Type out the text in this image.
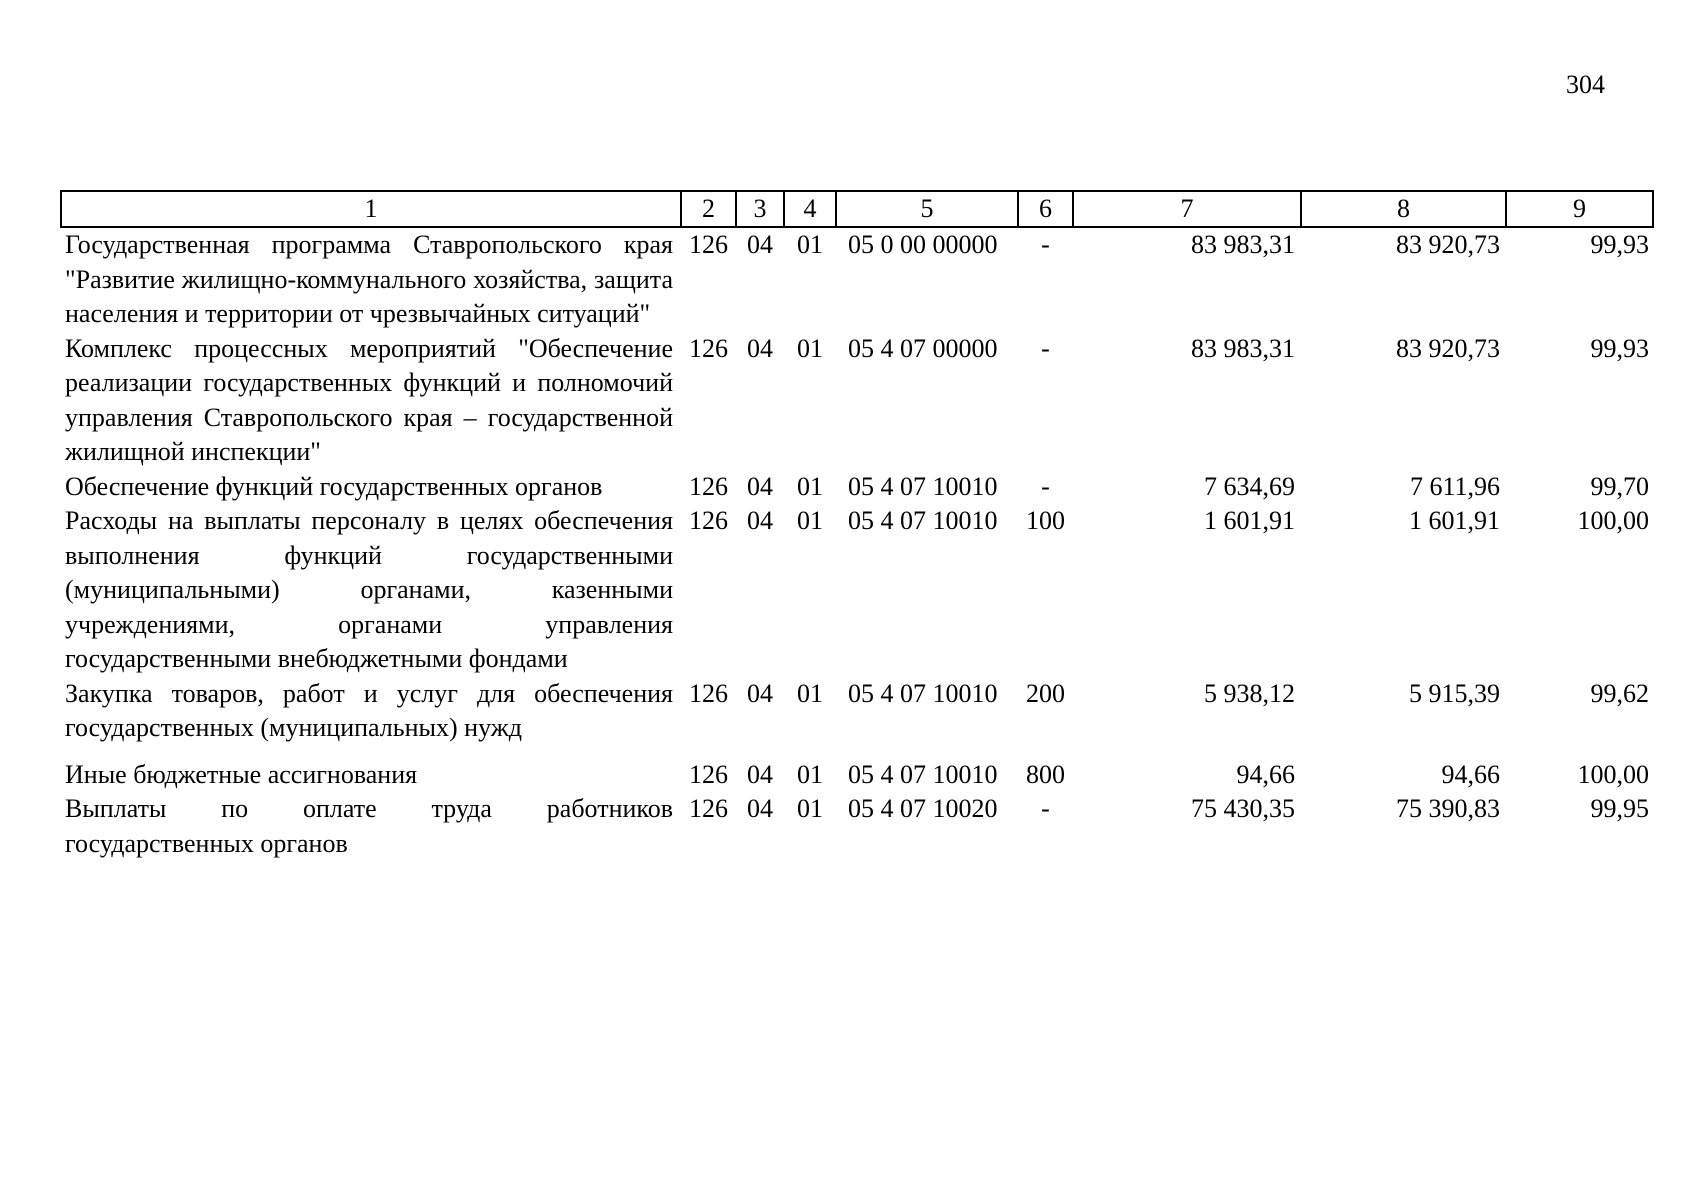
304
1	2	3	4	5	6	7	8	9
Государственная программа Ставропольского края "Развитие жилищно-коммунального хозяйства, защита населения и территории от чрезвычайных ситуаций"	126	04	01	05 0 00 00000	-	83 983,31	83 920,73	99,93
Комплекс процессных мероприятий "Обеспечение реализации государственных функций и полномочий управления Ставропольского края – государственной жилищной инспекции"	126	04	01	05 4 07 00000	-	83 983,31	83 920,73	99,93
Обеспечение функций государственных органов	126	04	01	05 4 07 10010	-	7 634,69	7 611,96	99,70
Расходы на выплаты персоналу в целях обеспечения выполнения функций государственными (муниципальными) органами, казенными учреждениями, органами управления государственными внебюджетными фондами	126	04	01	05 4 07 10010	100	1 601,91	1 601,91	100,00
Закупка товаров, работ и услуг для обеспечения государственных (муниципальных) нужд	126	04	01	05 4 07 10010	200	5 938,12	5 915,39	99,62
Иные бюджетные ассигнования	126	04	01	05 4 07 10010	800	94,66	94,66	100,00
Выплаты по оплате труда работников государственных органов	126	04	01	05 4 07 10020	-	75 430,35	75 390,83	99,95
